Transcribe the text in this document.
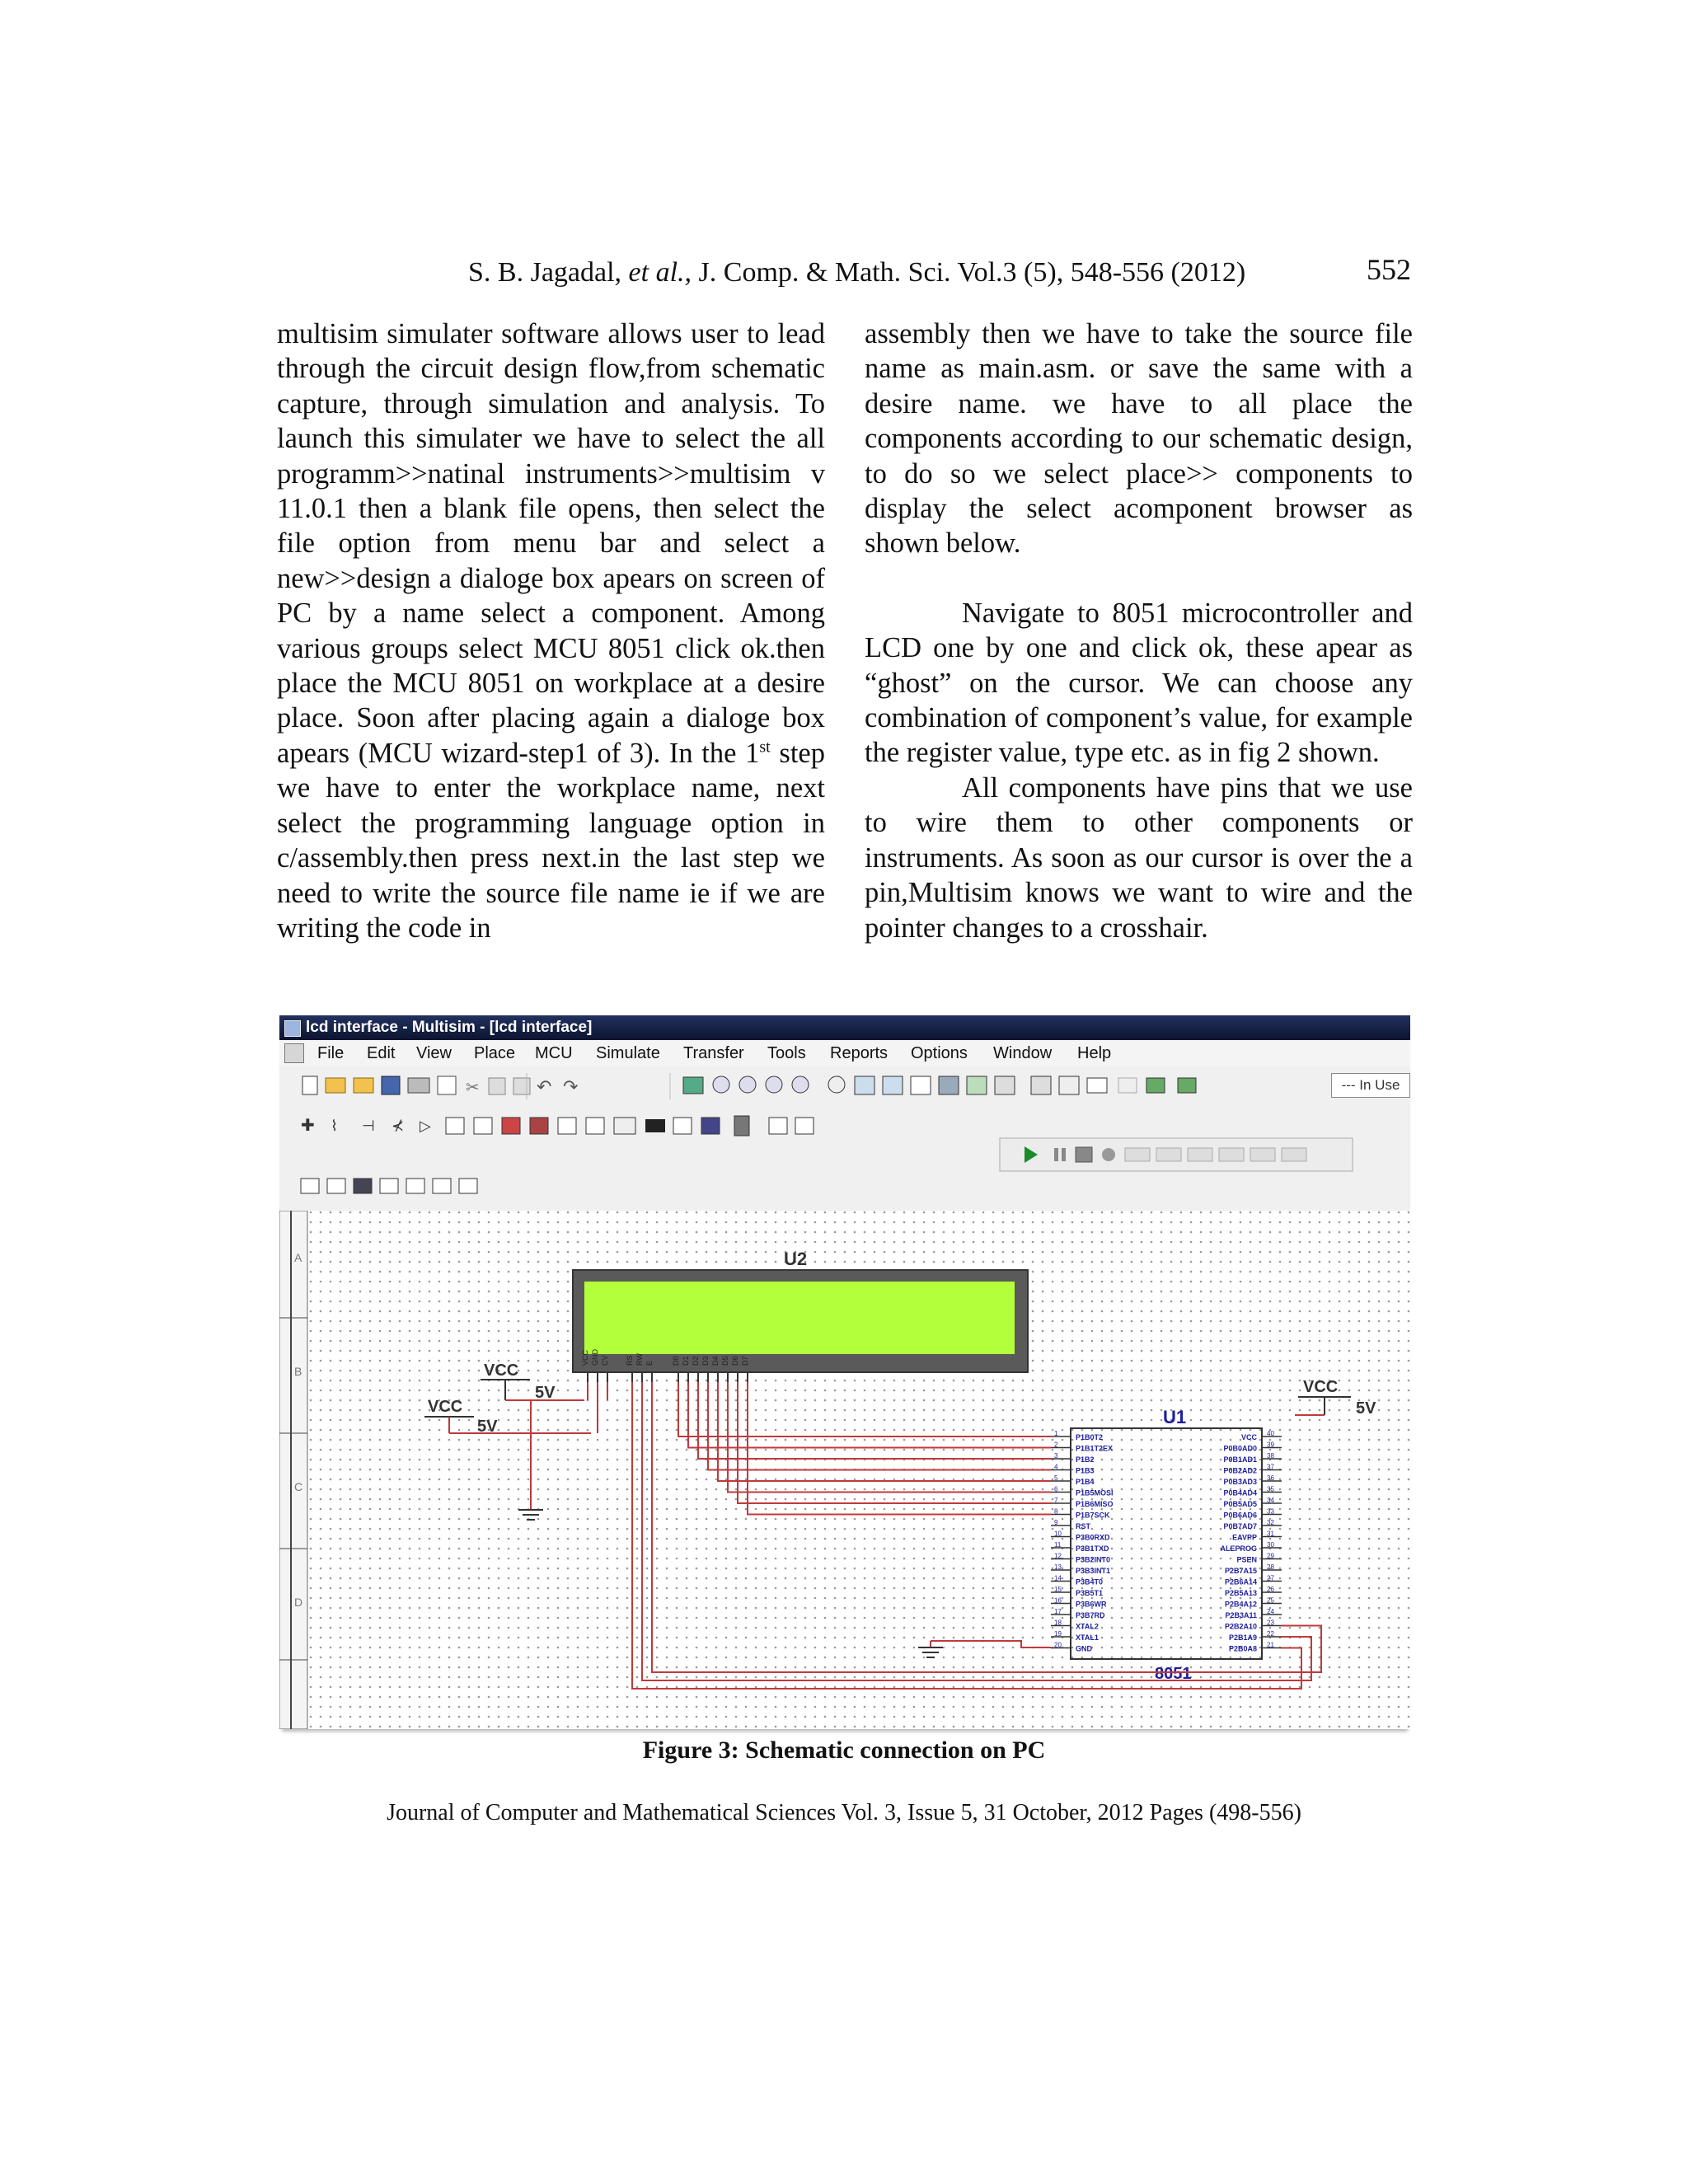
S. B. Jagadal, et al., J. Comp. & Math. Sci. Vol.3 (5), 548-556 (2012)	552

multisim simulater software allows user to lead through the circuit design flow,from schematic capture, through simulation and analysis. To launch this simulater we have to select the all programm>>natinal instruments>>multisim v 11.0.1 then a blank file opens, then select the file option from menu bar and select a new>>design a dialoge box apears on screen of PC by a name select a component. Among various groups select MCU 8051 click ok.then place the MCU 8051 on workplace at a desire place. Soon after placing again a dialoge box apears (MCU wizard-step1 of 3). In the 1st step we have to enter the workplace name, next select the programming language option in c/assembly.then press next.in the last step we need to write the source file name ie if we are writing the code in

assembly then we have to take the source file name as main.asm. or save the same with a desire name. we have to all place the components according to our schematic design, to do so we select place>> components to display the select acomponent browser as shown below.

Navigate to 8051 microcontroller and LCD one by one and click ok, these apear as “ghost” on the cursor. We can choose any combination of component’s value, for example the register value, type etc. as in fig 2 shown.

All components have pins that we use to wire them to other components or instruments. As soon as our cursor is over the a pin,Multisim knows we want to wire and the pointer changes to a crosshair.

lcd interface - Multisim - [lcd interface]
File Edit View Place MCU Simulate Transfer Tools Reports Options Window Help
✂	↶ ↷
✚ ⌇ ⊣ ⊀ ▷
--- In Use
A
B
C
D
U2
VCC GND CV RS RW E D0 D1 D2 D3 D4 D5 D6 D7
VCC
5V
VCC
5V
VCC
5V
U1
1 P1B0T2
2 P1B1T2EX
3 P1B2
4 P1B3
5 P1B4
6 P1B5MOSI
7 P1B6MISO
8 P1B7SCK
9 RST
10 P3B0RXD
11 P3B1TXD
12 P3B2INT0
13 P3B3INT1
14 P3B4T0
15 P3B5T1
16 P3B6WR
17 P3B7RD
18 XTAL2
19 XTAL1
20 GND
40
VCC
39
P0B0AD0
38
P0B1AD1
37
P0B2AD2
36
P0B3AD3
35
P0B4AD4
34
P0B5AD5
33
P0B6AD6
32
P0B7AD7
31
EAVPP
30
ALEPROG
29
PSEN
28
P2B7A15
27
P2B6A14
26
P2B5A13
25
P2B4A12
24
P2B3A11
23
P2B2A10
22
P2B1A9
21
P2B0A8
8051
Figure 3: Schematic connection on PC
Journal of Computer and Mathematical Sciences Vol. 3, Issue 5, 31 October, 2012 Pages (498-556)
